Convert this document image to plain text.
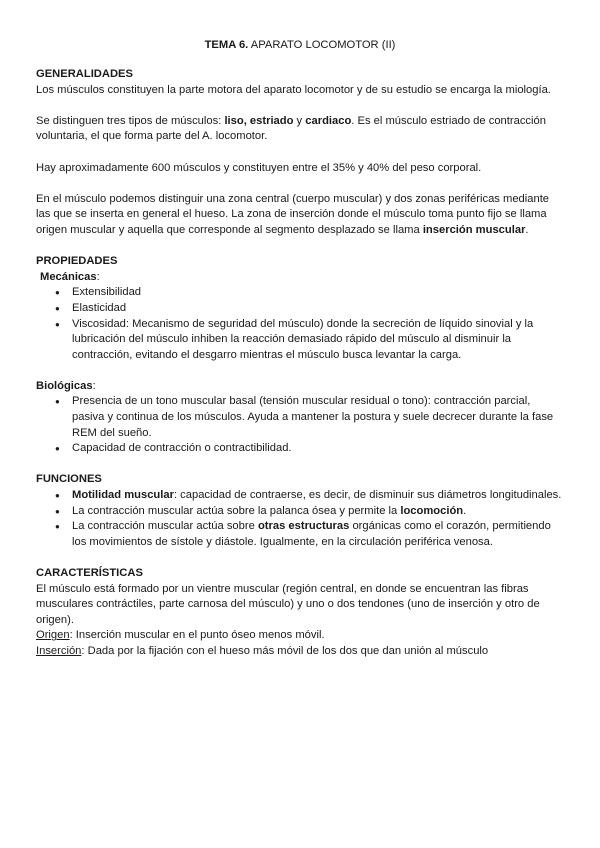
TEMA 6. APARATO LOCOMOTOR (II)

GENERALIDADES

Los músculos constituyen la parte motora del aparato locomotor y de su estudio se encarga la miología.

Se distinguen tres tipos de músculos: liso, estriado y cardiaco. Es el músculo estriado de contracción voluntaria, el que forma parte del A. locomotor.

Hay aproximadamente 600 músculos y constituyen entre el 35% y 40% del peso corporal.

En el músculo podemos distinguir una zona central (cuerpo muscular) y dos zonas periféricas mediante las que se inserta en general el hueso. La zona de inserción donde el músculo toma punto fijo se llama origen muscular y aquella que corresponde al segmento desplazado se llama inserción muscular.

PROPIEDADES

Mecánicas:

● Extensibilidad
● Elasticidad
● Viscosidad: Mecanismo de seguridad del músculo) donde la secreción de líquido sinovial y la lubricación del músculo inhiben la reacción demasiado rápido del músculo al disminuir la contracción, evitando el desgarro mientras el músculo busca levantar la carga.

Biológicas:

● Presencia de un tono muscular basal (tensión muscular residual o tono): contracción parcial, pasiva y continua de los músculos. Ayuda a mantener la postura y suele decrecer durante la fase REM del sueño.
● Capacidad de contracción o contractibilidad.

FUNCIONES

● Motilidad muscular: capacidad de contraerse, es decir, de disminuir sus diámetros longitudinales.
● La contracción muscular actúa sobre la palanca ósea y permite la locomoción.
● La contracción muscular actúa sobre otras estructuras orgánicas como el corazón, permitiendo los movimientos de sístole y diástole. Igualmente, en la circulación periférica venosa.

CARACTERÍSTICAS

El músculo está formado por un vientre muscular (región central, en donde se encuentran las fibras musculares contráctiles, parte carnosa del músculo) y uno o dos tendones (uno de inserción y otro de origen).

Origen: Inserción muscular en el punto óseo menos móvil.

Inserción: Dada por la fijación con el hueso más móvil de los dos que dan unión al músculo
